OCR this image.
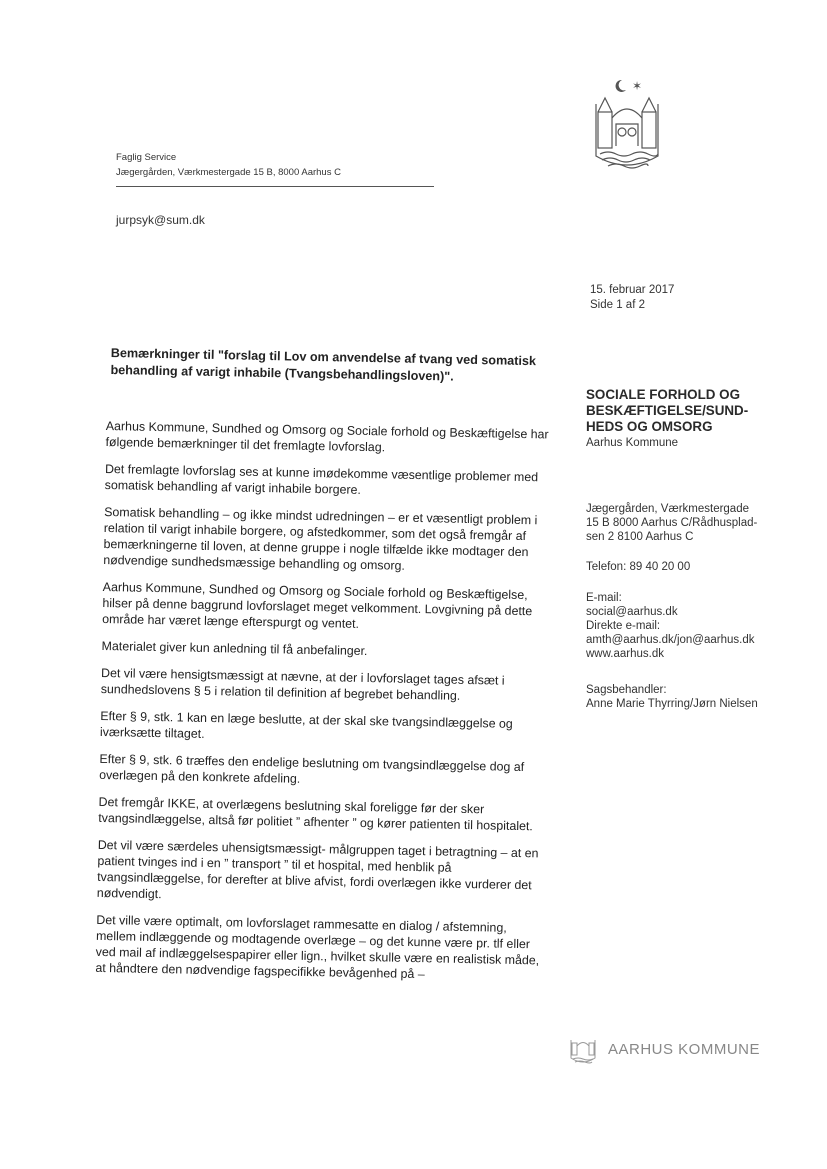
✶
Faglig Service
Jægergården, Værkmestergade 15 B, 8000 Aarhus C
jurpsyk@sum.dk
15. februar 2017
Side 1 af 2
Bemærkninger til "forslag til Lov om anvendelse af tvang ved somatisk behandling af varigt inhabile (Tvangsbehandlingsloven)".

Aarhus Kommune, Sundhed og Omsorg og Sociale forhold og Beskæftigelse har følgende bemærkninger til det fremlagte lovforslag.

Det fremlagte lovforslag ses at kunne imødekomme væsentlige problemer med somatisk behandling af varigt inhabile borgere.

Somatisk behandling – og ikke mindst udredningen – er et væsentligt problem i relation til varigt inhabile borgere, og afstedkommer, som det også fremgår af bemærkningerne til loven, at denne gruppe i nogle tilfælde ikke modtager den nødvendige sundhedsmæssige behandling og omsorg.

Aarhus Kommune, Sundhed og Omsorg og Sociale forhold og Beskæftigelse, hilser på denne baggrund lovforslaget meget velkomment. Lovgivning på dette område har været længe efterspurgt og ventet.

Materialet giver kun anledning til få anbefalinger.

Det vil være hensigtsmæssigt at nævne, at der i lovforslaget tages afsæt i sundhedslovens § 5 i relation til definition af begrebet behandling.

Efter § 9, stk. 1 kan en læge beslutte, at der skal ske tvangsindlæggelse og iværksætte tiltaget.

Efter § 9, stk. 6 træffes den endelige beslutning om tvangsindlæggelse dog af overlægen på den konkrete afdeling.

Det fremgår IKKE, at overlægens beslutning skal foreligge før der sker tvangsindlæggelse, altså før politiet ” afhenter ” og kører patienten til hospitalet.

Det vil være særdeles uhensigtsmæssigt- målgruppen taget i betragtning – at en patient tvinges ind i en ” transport ” til et hospital, med henblik på tvangsindlæggelse, for derefter at blive afvist, fordi overlægen ikke vurderer det nødvendigt.

Det ville være optimalt, om lovforslaget rammesatte en dialog / afstemning, mellem indlæggende og modtagende overlæge – og det kunne være pr. tlf eller ved mail af indlæggelsespapirer eller lign., hvilket skulle være en realistisk måde, at håndtere den nødvendige fagspecifikke bevågenhed på –

SOCIALE FORHOLD OG BESKÆFTIGELSE/SUND-HEDS OG OMSORG
Aarhus Kommune
Jægergården, Værkmestergade
15 B 8000 Aarhus C/Rådhusplad-
sen 2 8100 Aarhus C
Telefon: 89 40 20 00
E-mail:
social@aarhus.dk
Direkte e-mail:
amth@aarhus.dk/jon@aarhus.dk
www.aarhus.dk
Sagsbehandler:
Anne Marie Thyrring/Jørn Nielsen
AARHUS KOMMUNE
